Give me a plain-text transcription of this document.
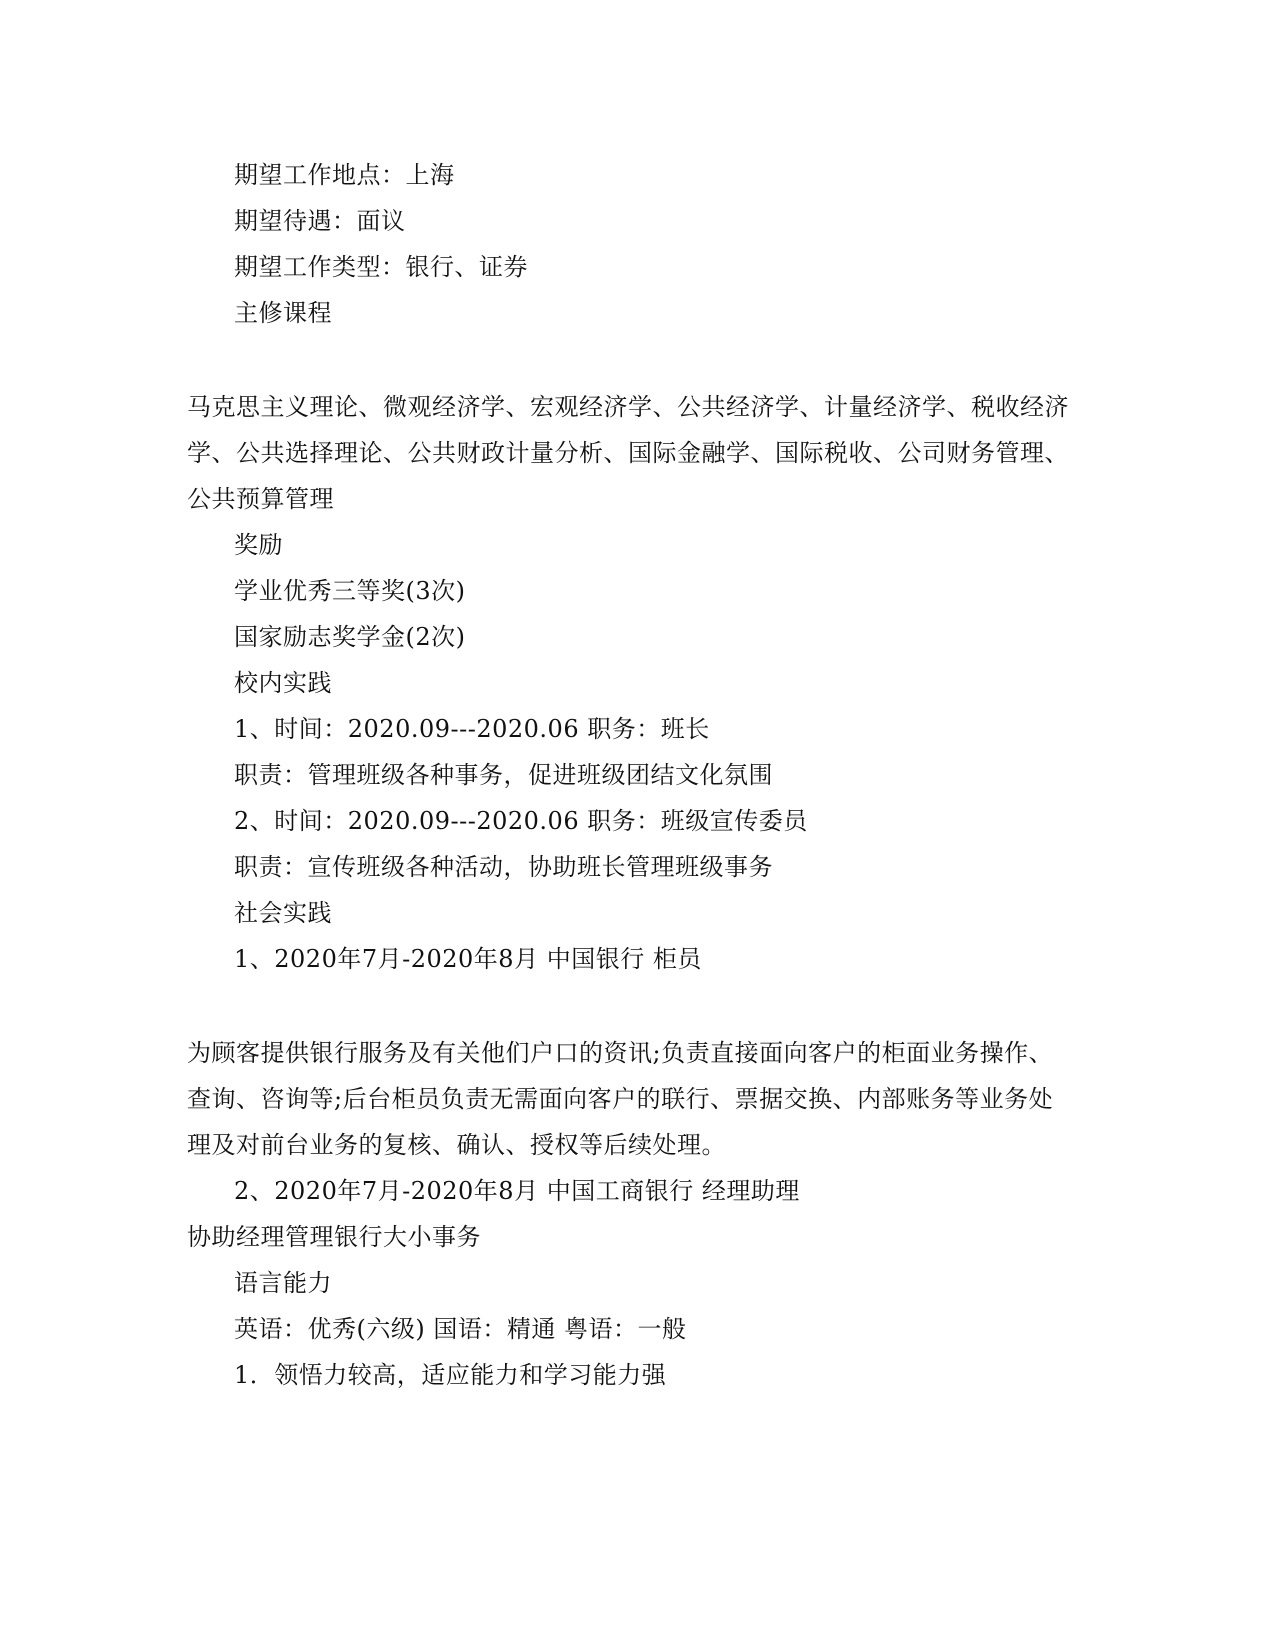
期望工作地点：上海
期望待遇：面议
期望工作类型：银行、证券
主修课程
马克思主义理论、微观经济学、宏观经济学、公共经济学、计量经济学、税收经济
学、公共选择理论、公共财政计量分析、国际金融学、国际税收、公司财务管理、
公共预算管理
奖励
学业优秀三等奖(3次)
国家励志奖学金(2次)
校内实践
1、时间：2020.09---2020.06 职务：班长
职责：管理班级各种事务，促进班级团结文化氛围
2、时间：2020.09---2020.06 职务：班级宣传委员
职责：宣传班级各种活动，协助班长管理班级事务
社会实践
1、2020年7月-2020年8月 中国银行 柜员
为顾客提供银行服务及有关他们户口的资讯;负责直接面向客户的柜面业务操作、
查询、咨询等;后台柜员负责无需面向客户的联行、票据交换、内部账务等业务处
理及对前台业务的复核、确认、授权等后续处理。
2、2020年7月-2020年8月 中国工商银行 经理助理
协助经理管理银行大小事务
语言能力
英语：优秀(六级) 国语：精通 粤语：一般
1．领悟力较高，适应能力和学习能力强
